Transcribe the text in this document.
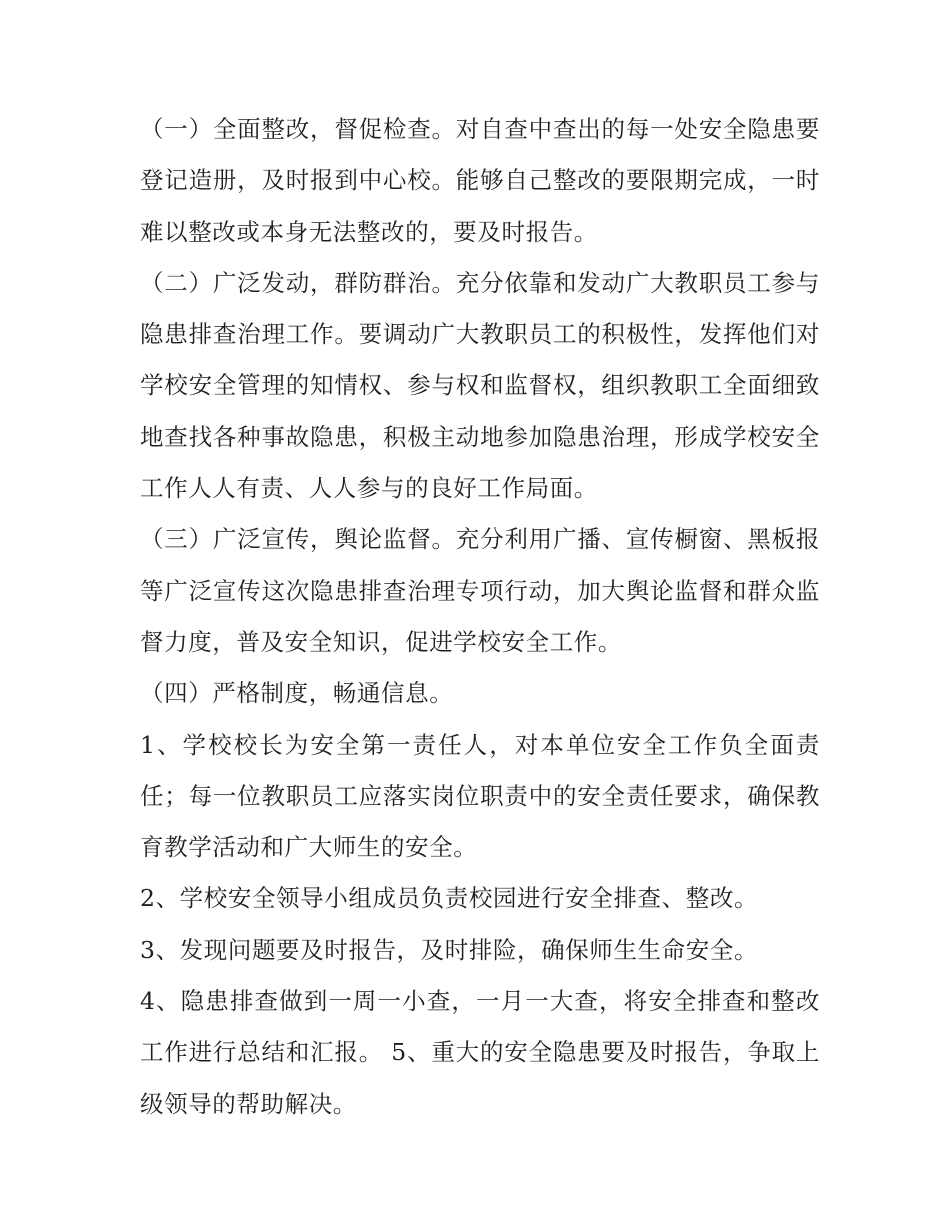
（一）全面整改，督促检查。对自查中查出的每一处安全隐患要登记造册，及时报到中心校。能够自己整改的要限期完成，一时难以整改或本身无法整改的，要及时报告。

（二）广泛发动，群防群治。充分依靠和发动广大教职员工参与隐患排查治理工作。要调动广大教职员工的积极性，发挥他们对学校安全管理的知情权、参与权和监督权，组织教职工全面细致地查找各种事故隐患，积极主动地参加隐患治理，形成学校安全工作人人有责、人人参与的良好工作局面。

（三）广泛宣传，舆论监督。充分利用广播、宣传橱窗、黑板报等广泛宣传这次隐患排查治理专项行动，加大舆论监督和群众监督力度，普及安全知识，促进学校安全工作。

（四）严格制度，畅通信息。

1、学校校长为安全第一责任人，对本单位安全工作负全面责任；每一位教职员工应落实岗位职责中的安全责任要求，确保教育教学活动和广大师生的安全。

2、学校安全领导小组成员负责校园进行安全排查、整改。

3、发现问题要及时报告，及时排险，确保师生生命安全。

4、隐患排查做到一周一小查，一月一大查，将安全排查和整改工作进行总结和汇报。 5、重大的安全隐患要及时报告，争取上级领导的帮助解决。
